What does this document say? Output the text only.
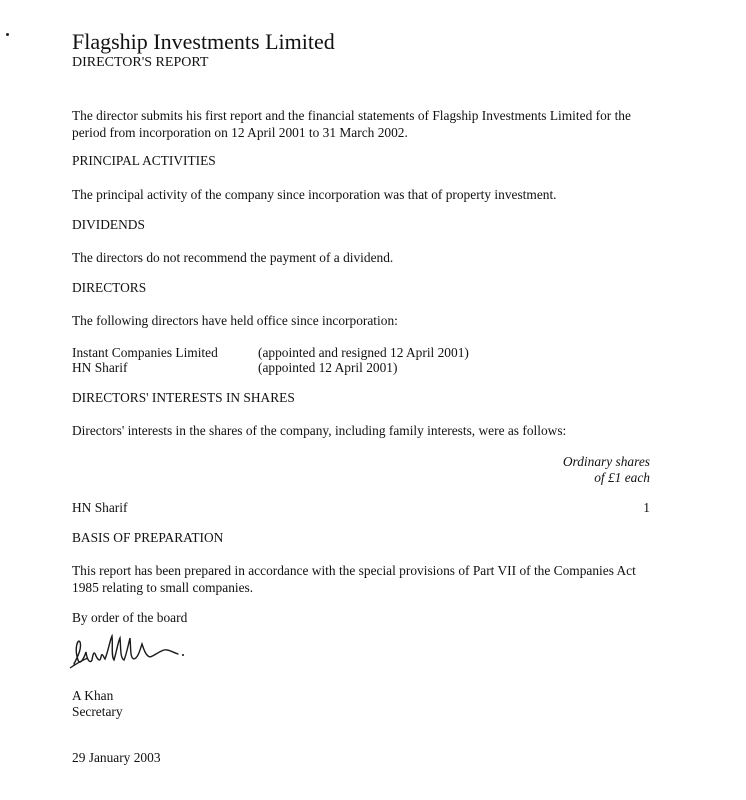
Flagship Investments Limited
DIRECTOR'S REPORT
The director submits his first report and the financial statements of Flagship Investments Limited for the period from incorporation on 12 April 2001 to 31 March 2002.
PRINCIPAL ACTIVITIES
The principal activity of the company since incorporation was that of property investment.
DIVIDENDS
The directors do not recommend the payment of a dividend.
DIRECTORS
The following directors have held office since incorporation:
Instant Companies Limited	(appointed and resigned 12 April 2001)
HN Sharif	(appointed 12 April 2001)
DIRECTORS' INTERESTS IN SHARES
Directors' interests in the shares of the company, including family interests, were as follows:
Ordinary shares
of £1 each
HN Sharif	1
BASIS OF PREPARATION
This report has been prepared in accordance with the special provisions of Part VII of the Companies Act 1985 relating to small companies.
By order of the board
A Khan
Secretary
29 January 2003
